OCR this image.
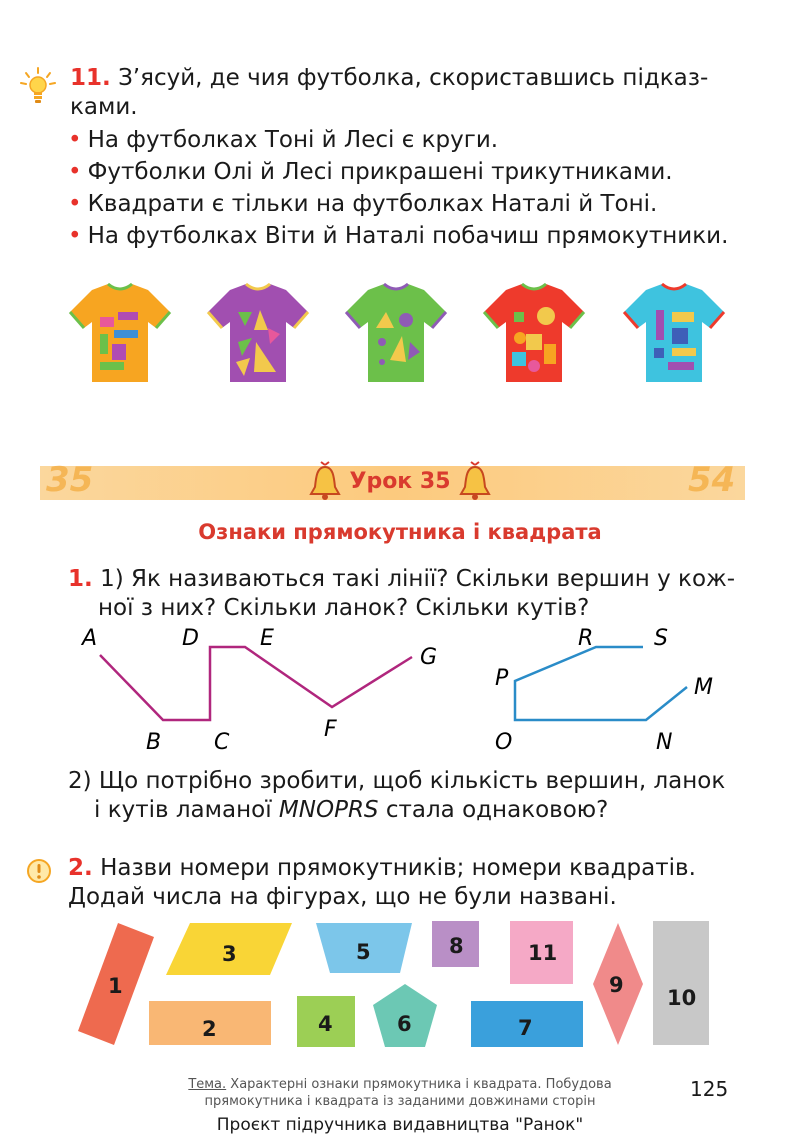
11. З’ясуй, де чия футболка, скориставшись підказ-
ками.
• На футболках Тоні й Лесі є круги.
• Футболки Олі й Лесі прикрашені трикутниками.
• Квадрати є тільки на футболках Наталі й Тоні.
• На футболках Віти й Наталі побачиш прямокутники.
35	54
Урок 35
Ознаки прямокутника і квадрата
1. 1) Як називаються такі лінії? Скільки вершин у кож-
ної з них? Скільки ланок? Скільки кутів?
A
B C
D	E
F
G
P
R	S
O	N
M
2) Що потрібно зробити, щоб кількість вершин, ланок
і кутів ламаної MNOPRS стала однаковою?
2. Назви номери прямокутників; номери квадратів.
Додай числа на фігурах, що не були названі.
1
3
2
5
4	6
8	11
7
9
10
Тема. Характерні ознаки прямокутника і квадрата. Побудова
прямокутника і квадрата із заданими довжинами сторін
125
Проєкт підручника видавництва "Ранок"
